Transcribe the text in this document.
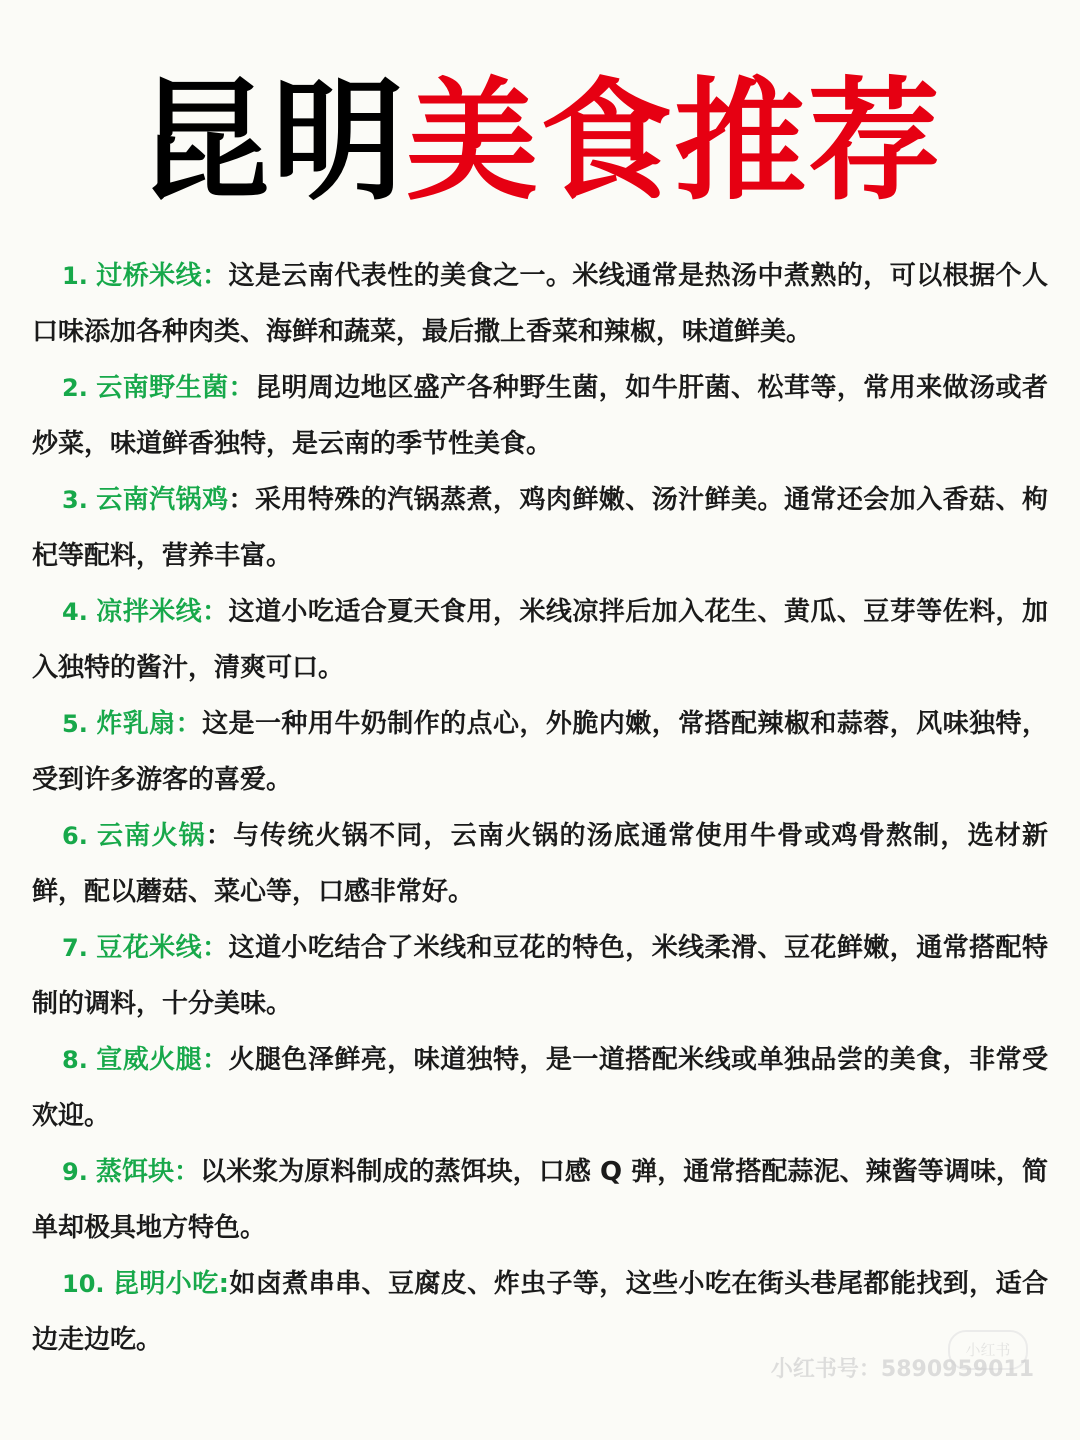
昆明美食推荐

1. 过桥米线：这是云南代表性的美食之一。米线通常是热汤中煮熟的，可以根据个人口味添加各种肉类、海鲜和蔬菜，最后撒上香菜和辣椒，味道鲜美。

2. 云南野生菌：昆明周边地区盛产各种野生菌，如牛肝菌、松茸等，常用来做汤或者炒菜，味道鲜香独特，是云南的季节性美食。

3. 云南汽锅鸡：采用特殊的汽锅蒸煮，鸡肉鲜嫩、汤汁鲜美。通常还会加入香菇、枸杞等配料，营养丰富。

4. 凉拌米线：这道小吃适合夏天食用，米线凉拌后加入花生、黄瓜、豆芽等佐料，加入独特的酱汁，清爽可口。

5. 炸乳扇：这是一种用牛奶制作的点心，外脆内嫩，常搭配辣椒和蒜蓉，风味独特，受到许多游客的喜爱。

6. 云南火锅：与传统火锅不同，云南火锅的汤底通常使用牛骨或鸡骨熬制，选材新鲜，配以蘑菇、菜心等，口感非常好。

7. 豆花米线：这道小吃结合了米线和豆花的特色，米线柔滑、豆花鲜嫩，通常搭配特制的调料，十分美味。

8. 宣威火腿：火腿色泽鲜亮，味道独特，是一道搭配米线或单独品尝的美食，非常受欢迎。

9. 蒸饵块：以米浆为原料制成的蒸饵块，口感 Q 弹，通常搭配蒜泥、辣酱等调味，简单却极具地方特色。

10. 昆明小吃:如卤煮串串、豆腐皮、炸虫子等，这些小吃在街头巷尾都能找到，适合边走边吃。	小红书
小红书号：5890959011
